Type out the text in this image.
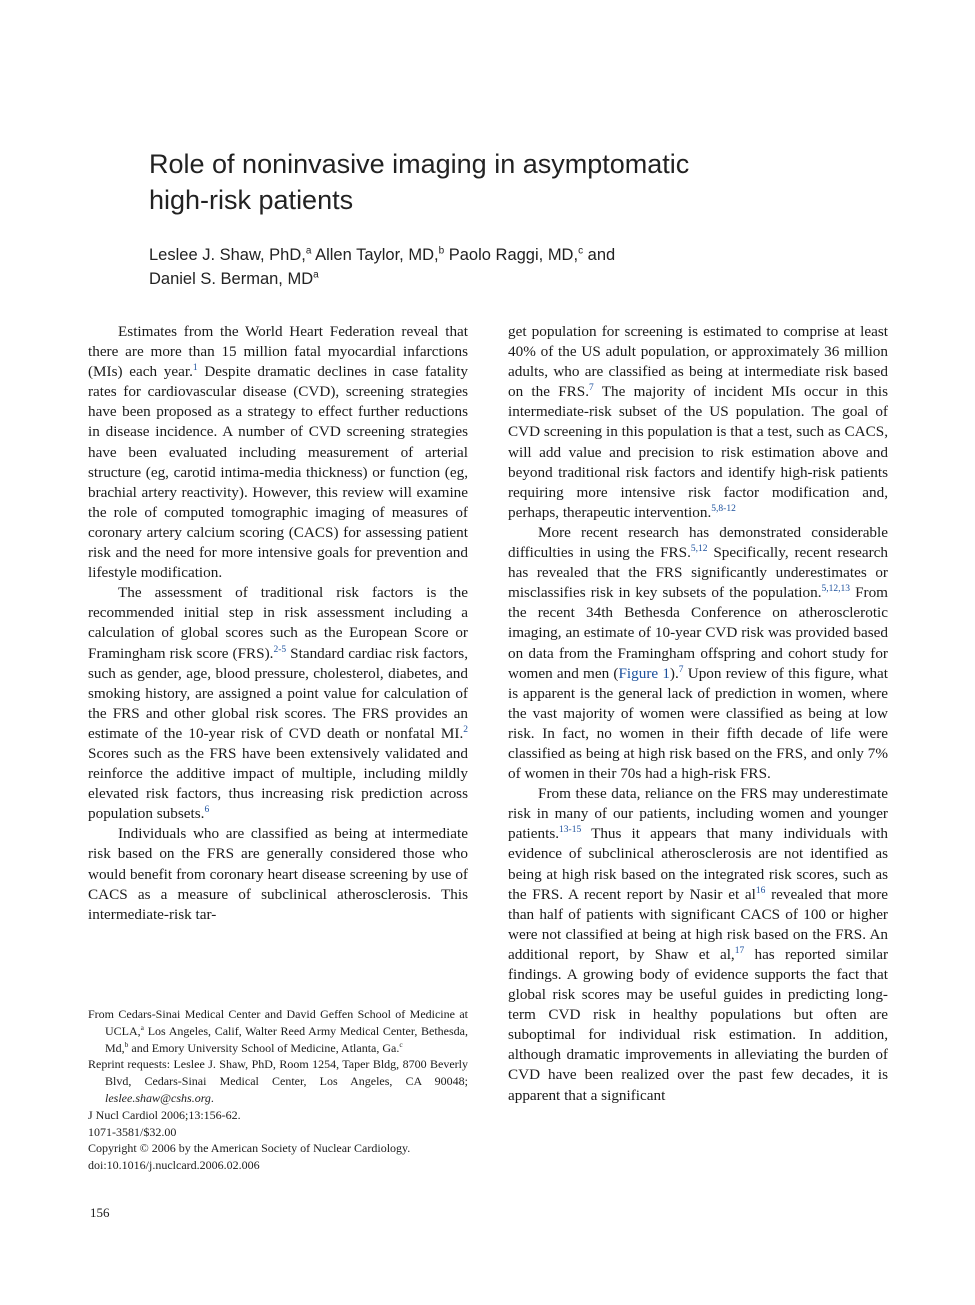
Role of noninvasive imaging in asymptomatic
high-risk patients
Leslee J. Shaw, PhD,$^a$ Allen Taylor, MD,$^b$ Paolo Raggi, MD,$^c$ and
Daniel S. Berman, MD$^a$

Estimates from the World Heart Federation reveal that there are more than 15 million fatal myocardial infarctions (MIs) each year.$^1$ Despite dramatic declines in case fatality rates for cardiovascular disease (CVD), screening strategies have been proposed as a strategy to effect further reductions in disease incidence. A number of CVD screening strategies have been evaluated including measurement of arterial structure (eg, carotid intima-media thickness) or function (eg, brachial artery reactivity). However, this review will examine the role of computed tomographic imaging of measures of coronary artery calcium scoring (CACS) for assessing patient risk and the need for more intensive goals for prevention and lifestyle modification.

The assessment of traditional risk factors is the recommended initial step in risk assessment including a calculation of global scores such as the European Score or Framingham risk score (FRS).$^{2-5}$ Standard cardiac risk factors, such as gender, age, blood pressure, cholesterol, diabetes, and smoking history, are assigned a point value for calculation of the FRS and other global risk scores. The FRS provides an estimate of the 10-year risk of CVD death or nonfatal MI.$^2$ Scores such as the FRS have been extensively validated and reinforce the additive impact of multiple, including mildly elevated risk factors, thus increasing risk prediction across population subsets.$^6$

Individuals who are classified as being at intermediate risk based on the FRS are generally considered those who would benefit from coronary heart disease screening by use of CACS as a measure of subclinical atherosclerosis. This intermediate-risk tar-

From Cedars-Sinai Medical Center and David Geffen School of Medicine at UCLA,$^a$ Los Angeles, Calif, Walter Reed Army Medical Center, Bethesda, Md,$^b$ and Emory University School of Medicine, Atlanta, Ga.$^c$

Reprint requests: Leslee J. Shaw, PhD, Room 1254, Taper Bldg, 8700 Beverly Blvd, Cedars-Sinai Medical Center, Los Angeles, CA 90048; leslee.shaw@cshs.org.

J Nucl Cardiol 2006;13:156-62.

1071-3581/$32.00

Copyright © 2006 by the American Society of Nuclear Cardiology.

doi:10.1016/j.nuclcard.2006.02.006

156

get population for screening is estimated to comprise at least 40% of the US adult population, or approximately 36 million adults, who are classified as being at intermediate risk based on the FRS.$^7$ The majority of incident MIs occur in this intermediate-risk subset of the US population. The goal of CVD screening in this population is that a test, such as CACS, will add value and precision to risk estimation above and beyond traditional risk factors and identify high-risk patients requiring more intensive risk factor modification and, perhaps, therapeutic intervention.$^{5,8-12}$

More recent research has demonstrated considerable difficulties in using the FRS.$^{5,12}$ Specifically, recent research has revealed that the FRS significantly underestimates or misclassifies risk in key subsets of the population.$^{5,12,13}$ From the recent 34th Bethesda Conference on atherosclerotic imaging, an estimate of 10-year CVD risk was provided based on data from the Framingham offspring and cohort study for women and men (Figure 1).$^7$ Upon review of this figure, what is apparent is the general lack of prediction in women, where the vast majority of women were classified as being at low risk. In fact, no women in their fifth decade of life were classified as being at high risk based on the FRS, and only 7% of women in their 70s had a high-risk FRS.

From these data, reliance on the FRS may underestimate risk in many of our patients, including women and younger patients.$^{13-15}$ Thus it appears that many individuals with evidence of subclinical atherosclerosis are not identified as being at high risk based on the integrated risk scores, such as the FRS. A recent report by Nasir et $al^{16}$ revealed that more than half of patients with significant CACS of 100 or higher were not classified at being at high risk based on the FRS. An additional report, by Shaw et al,$^{17}$ has reported similar findings. A growing body of evidence supports the fact that global risk scores may be useful guides in predicting long-term CVD risk in healthy populations but often are suboptimal for individual risk estimation. In addition, although dramatic improvements in alleviating the burden of CVD have been realized over the past few decades, it is apparent that a significant
